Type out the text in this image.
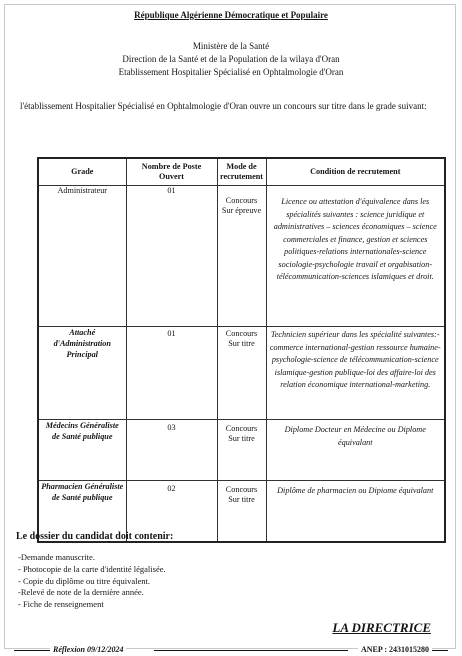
République Algérienne Démocratique et Populaire
Ministère de la Santé
Direction de la Santé et de la Population de la wilaya d'Oran
Etablissement Hospitalier Spécialisé en Ophtalmologie d'Oran
l'établissement Hospitalier Spécialisé en Ophtalmologie d'Oran ouvre un concours sur titre dans le grade suivant:
Grade	Nombre de Poste Ouvert	Mode de recrutement	Condition de recrutement
Administrateur	01	Concours Sur épreuve	Licence ou attestation d'équivalence dans les spécialités suivantes : science juridique et administratives – sciences économiques – science commerciales et finance, gestion et sciences politiques-relations internationales-science sociologie-psychologie travail et orgabisation-télécommunication-sciences islamiques et droit.
Attaché d'Administration Principal	01	Concours Sur titre	Technicien supérieur dans les spécialité suivantes:- commerce international-gestion ressource humaine-psychologie-science de télécommunication-science islamique-gestion publique-loi des affaire-loi des relation économique international-marketing.
Médecins Généraliste de Santé publique	03	Concours Sur titre	Diplome Docteur en Médecine ou Diplome équivalant
Pharmacien Généraliste de Santé publique	02	Concours Sur titre	Diplôme de pharmacien ou Dipiome équivalant
Le dossier du candidat doit contenir:
-Demande manuscrite.
- Photocopie de la carte d'identité légalisée.
- Copie du diplôme ou titre équivalent.
-Relevé de note de la dernière année.
- Fiche de renseignement
LA DIRECTRICE
Réflexion 09/12/2024	ANEP : 2431015280
